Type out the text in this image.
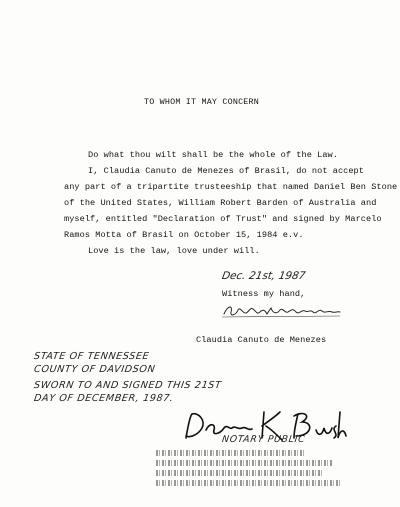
TO WHOM IT MAY CONCERN
Do what thou wilt shall be the whole of the Law.
I, Claudia Canuto de Menezes of Brasil, do not accept
any part of a tripartite trusteeship that named Daniel Ben Stone
of the United States, William Robert Barden of Australia and
myself, entitled "Declaration of Trust" and signed by Marcelo
Ramos Motta of Brasil on October 15, 1984 e.v.
Love is the law, love under will.
Dec. 21st, 1987
Witness my hand,
Claudia Canuto de Menezes
STATE OF TENNESSEE
COUNTY OF DAVIDSON
SWORN TO AND SIGNED THIS 21ST
DAY OF DECEMBER, 1987.
NOTARY PUBLIC
